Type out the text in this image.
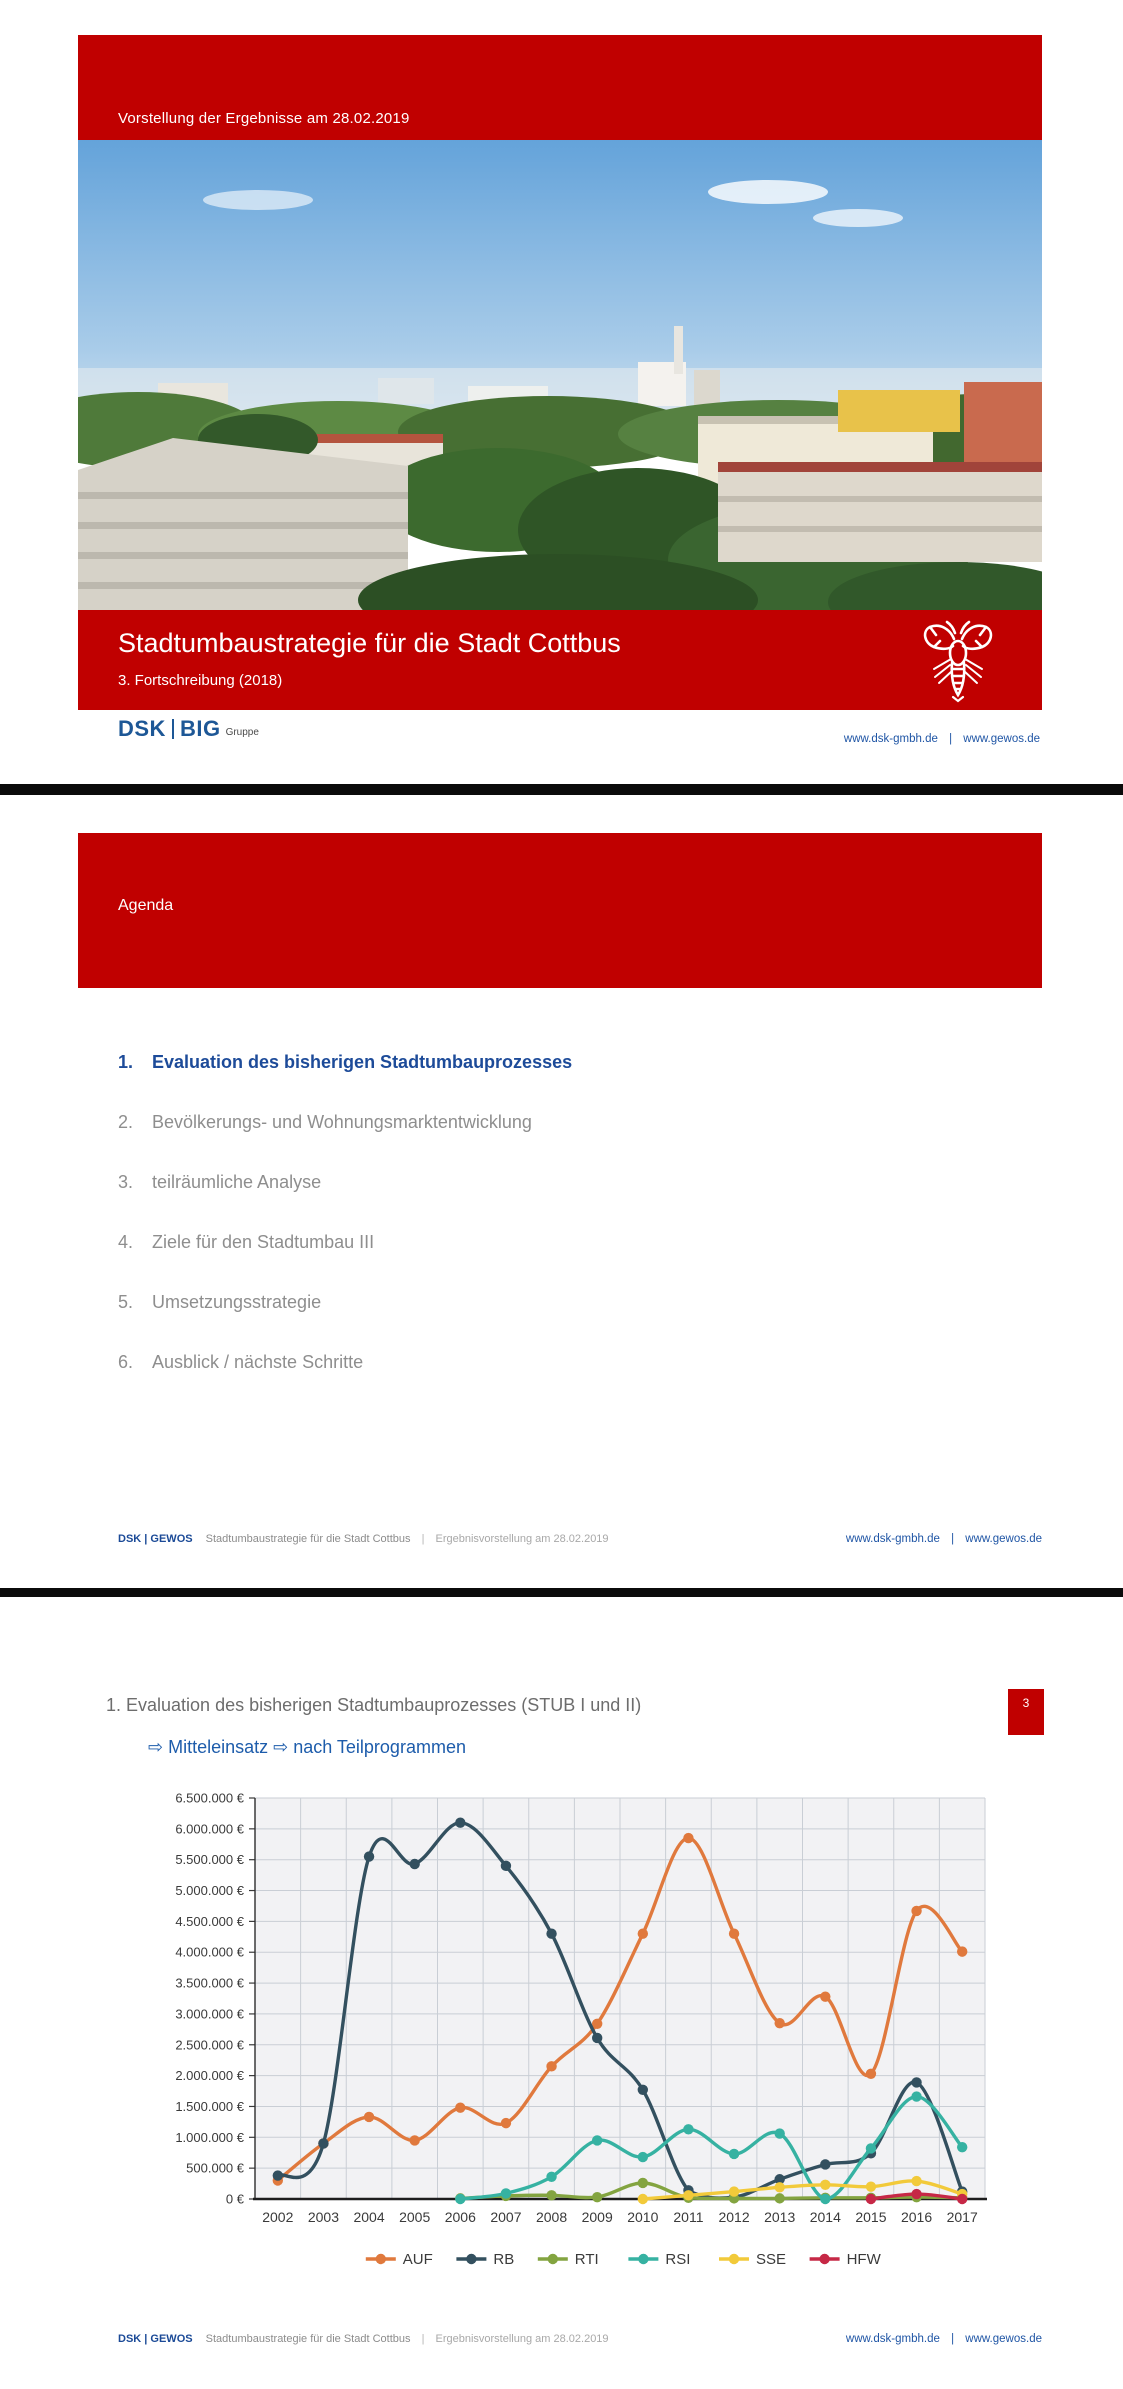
Vorstellung der Ergebnisse am 28.02.2019
Stadtumbaustrategie für die Stadt Cottbus
3. Fortschreibung (2018)
DSK BIG Gruppe
www.dsk-gmbh.de | www.gewos.de
Agenda
1.	Evaluation des bisherigen Stadtumbauprozesses
2.	Bevölkerungs- und Wohnungsmarktentwicklung
3.	teilräumliche Analyse
4.	Ziele für den Stadtumbau III
5.	Umsetzungsstrategie
6.	Ausblick / nächste Schritte
DSK | GEWOS Stadtumbaustrategie für die Stadt Cottbus | Ergebnisvorstellung am 28.02.2019	www.dsk-gmbh.de | www.gewos.de
1. Evaluation des bisherigen Stadtumbauprozesses (STUB I und II)
⇨ Mitteleinsatz ⇨ nach Teilprogrammen
3
0 €
500.000 €
1.000.000 €
1.500.000 €
2.000.000 €
2.500.000 €
3.000.000 €
3.500.000 €
4.000.000 €
4.500.000 €
5.000.000 €
5.500.000 €
6.000.000 €
6.500.000 €
2002 2003 2004 2005 2006 2007 2008 2009 2010 2011 2012 2013 2014 2015 2016 2017
AUF	RB	RTI	RSI	SSE	HFW
DSK | GEWOS Stadtumbaustrategie für die Stadt Cottbus | Ergebnisvorstellung am 28.02.2019	www.dsk-gmbh.de | www.gewos.de
